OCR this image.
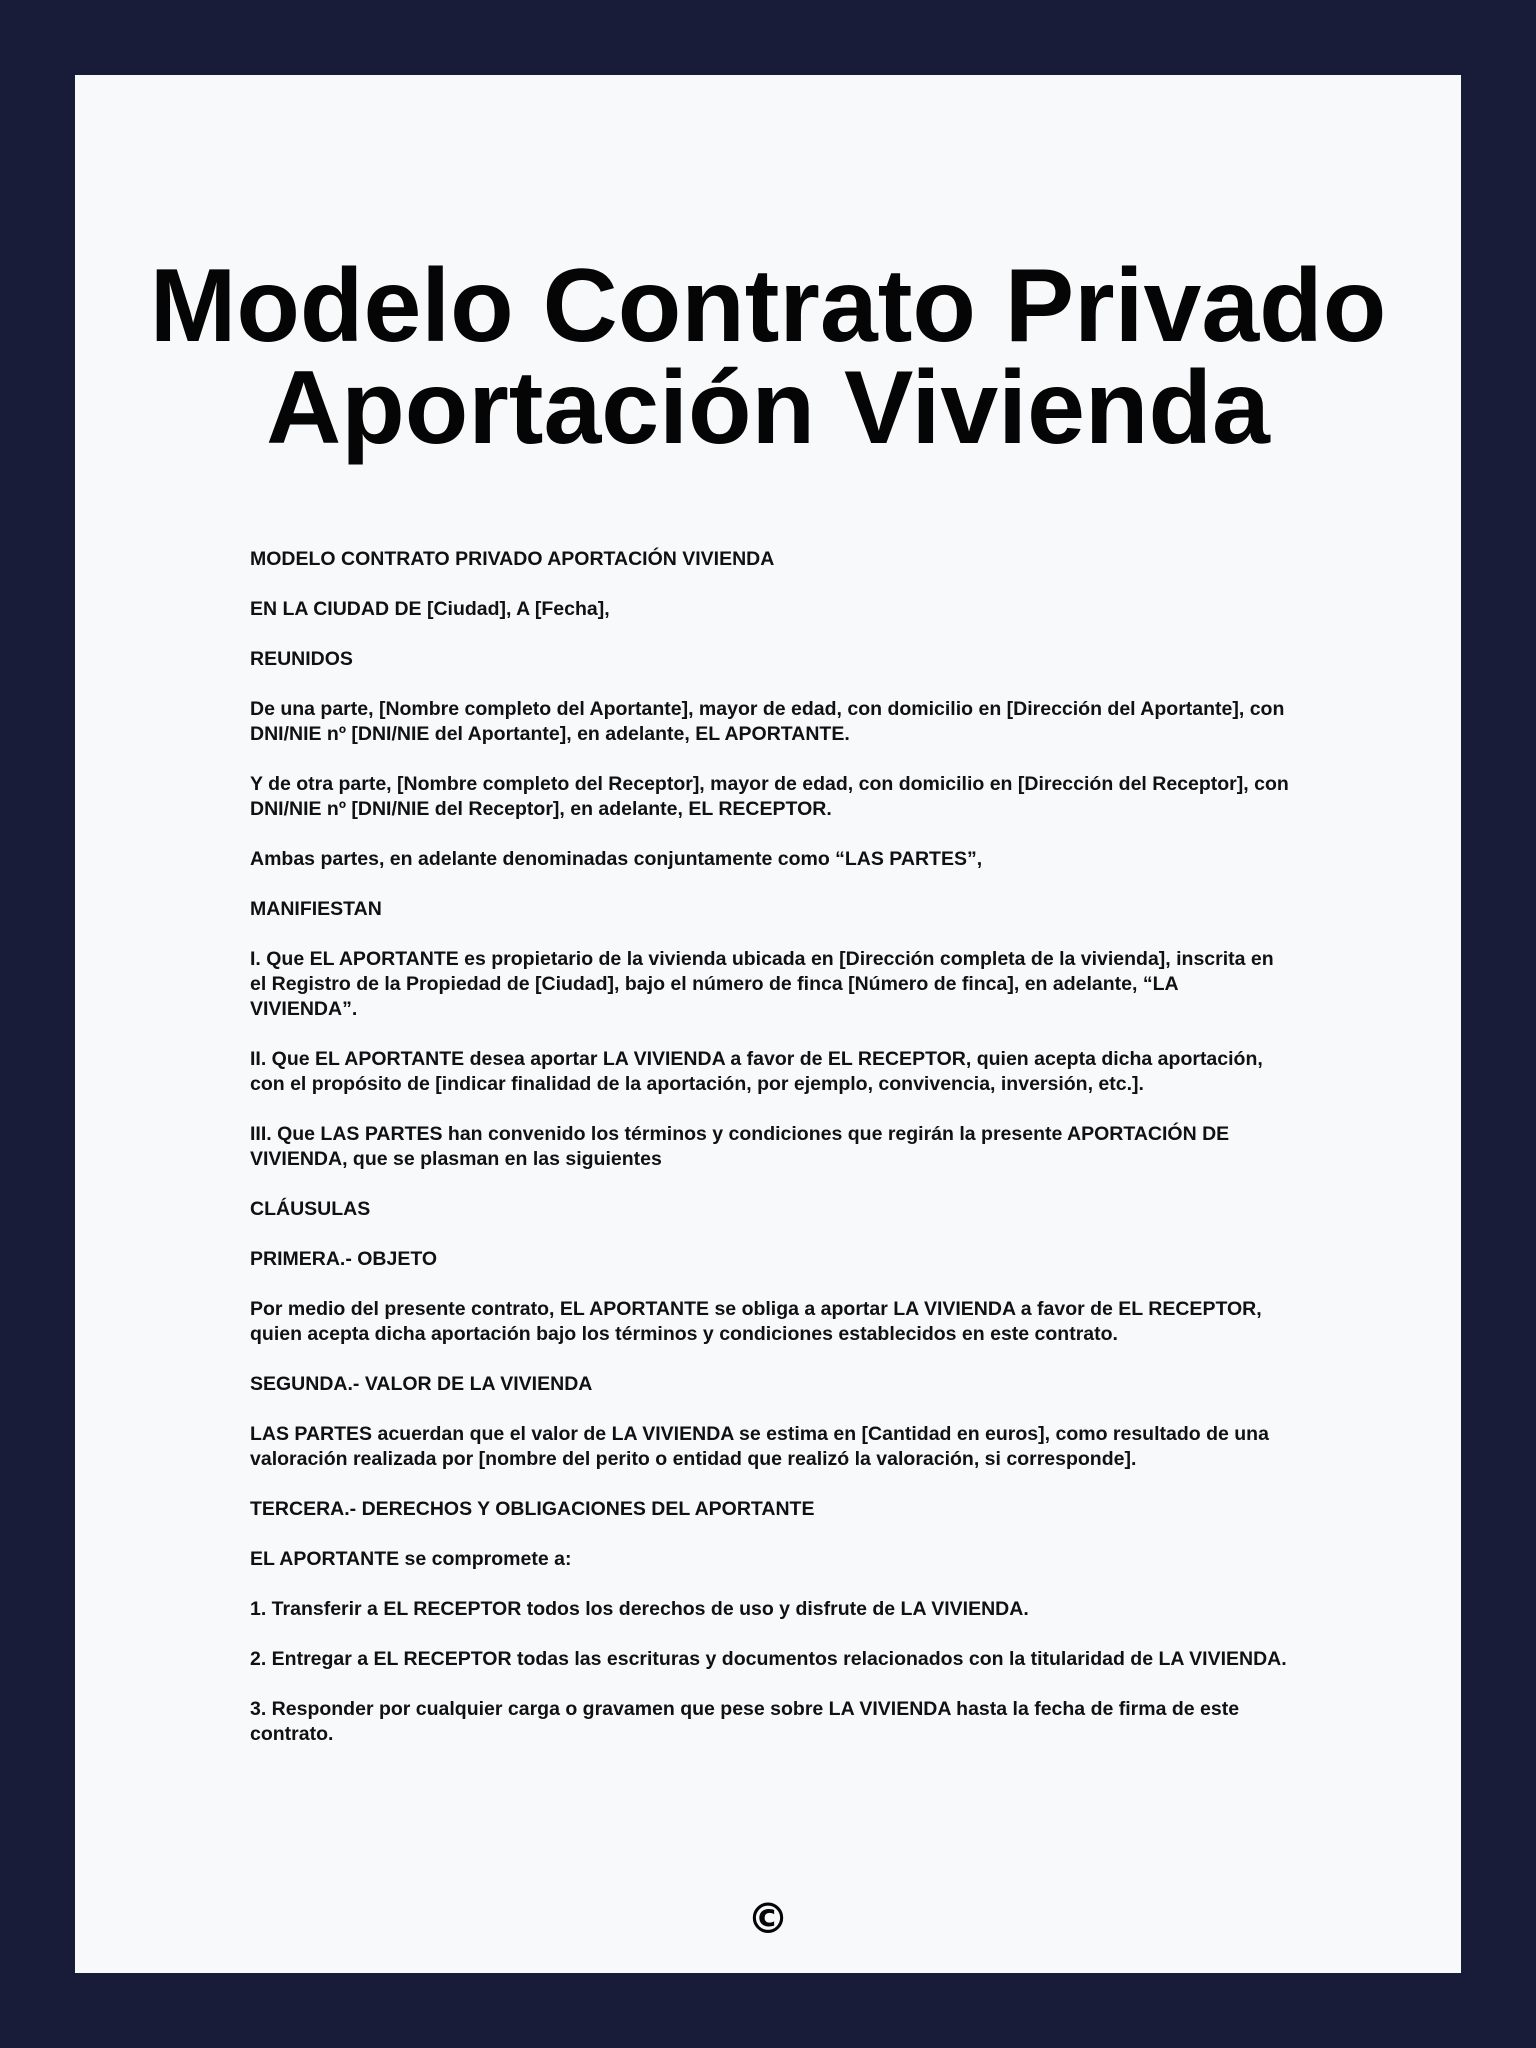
Modelo Contrato Privado
Aportación Vivienda

MODELO CONTRATO PRIVADO APORTACIÓN VIVIENDA

EN LA CIUDAD DE [Ciudad], A [Fecha],

REUNIDOS

De una parte, [Nombre completo del Aportante], mayor de edad, con domicilio en [Dirección del Aportante], con DNI/NIE nº [DNI/NIE del Aportante], en adelante, EL APORTANTE.

Y de otra parte, [Nombre completo del Receptor], mayor de edad, con domicilio en [Dirección del Receptor], con DNI/NIE nº [DNI/NIE del Receptor], en adelante, EL RECEPTOR.

Ambas partes, en adelante denominadas conjuntamente como “LAS PARTES”,

MANIFIESTAN

I. Que EL APORTANTE es propietario de la vivienda ubicada en [Dirección completa de la vivienda], inscrita en el Registro de la Propiedad de [Ciudad], bajo el número de finca [Número de finca], en adelante, “LA VIVIENDA”.

II. Que EL APORTANTE desea aportar LA VIVIENDA a favor de EL RECEPTOR, quien acepta dicha aportación, con el propósito de [indicar finalidad de la aportación, por ejemplo, convivencia, inversión, etc.].

III. Que LAS PARTES han convenido los términos y condiciones que regirán la presente APORTACIÓN DE VIVIENDA, que se plasman en las siguientes

CLÁUSULAS

PRIMERA.- OBJETO

Por medio del presente contrato, EL APORTANTE se obliga a aportar LA VIVIENDA a favor de EL RECEPTOR, quien acepta dicha aportación bajo los términos y condiciones establecidos en este contrato.

SEGUNDA.- VALOR DE LA VIVIENDA

LAS PARTES acuerdan que el valor de LA VIVIENDA se estima en [Cantidad en euros], como resultado de una valoración realizada por [nombre del perito o entidad que realizó la valoración, si corresponde].

TERCERA.- DERECHOS Y OBLIGACIONES DEL APORTANTE

EL APORTANTE se compromete a:

1. Transferir a EL RECEPTOR todos los derechos de uso y disfrute de LA VIVIENDA.

2. Entregar a EL RECEPTOR todas las escrituras y documentos relacionados con la titularidad de LA VIVIENDA.

3. Responder por cualquier carga o gravamen que pese sobre LA VIVIENDA hasta la fecha de firma de este contrato.

©
